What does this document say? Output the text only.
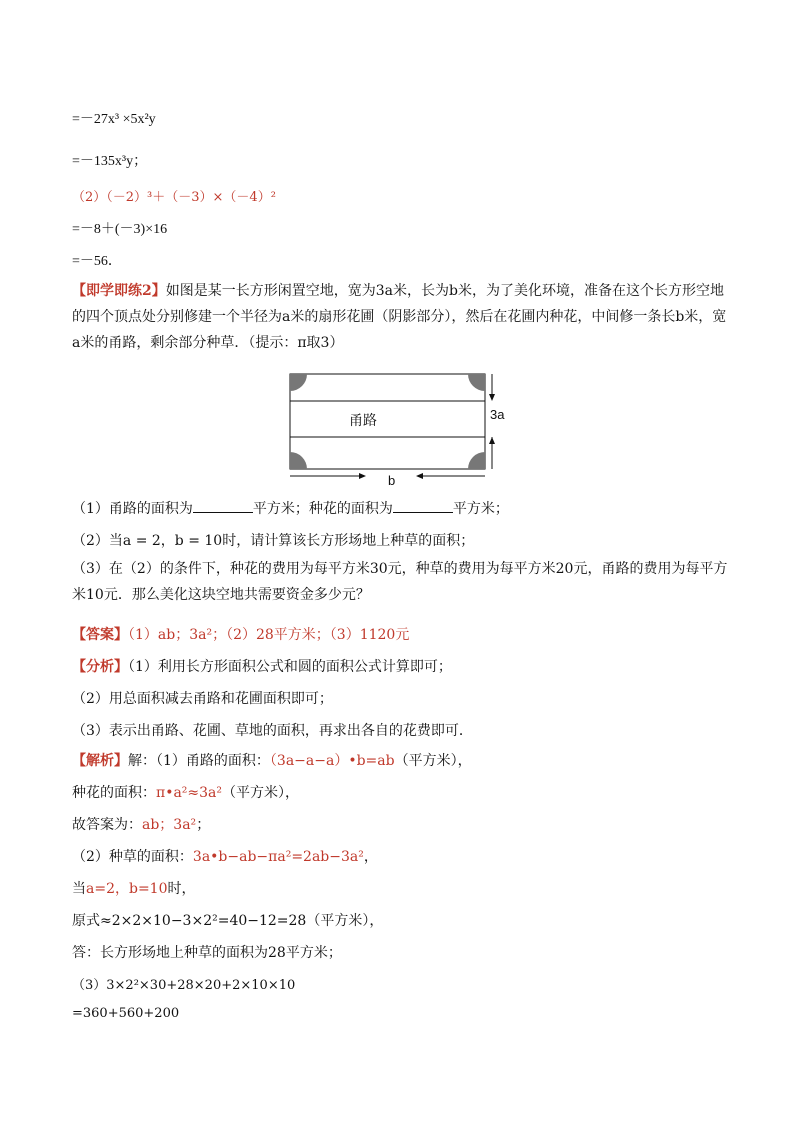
=－27x³ ×5x²y
=－135x³y；
（2）（－2）³＋（－3）×（－4）²
=－8＋(－3)×16
=－56．
【即学即练2】如图是某一长方形闲置空地，宽为3a米，长为b米，为了美化环境，准备在这个长方形空地的四个顶点处分别修建一个半径为a米的扇形花圃（阴影部分），然后在花圃内种花，中间修一条长b米，宽a米的甬路，剩余部分种草．（提示：π取3）
甬路	3a
b
（1）甬路的面积为	平方米；种花的面积为	平方米；
（2）当a = 2，b = 10时，请计算该长方形场地上种草的面积；
（3）在（2）的条件下，种花的费用为每平方米30元，种草的费用为每平方米20元，甬路的费用为每平方米10元．那么美化这块空地共需要资金多少元？
【答案】（1）ab；3a²；（2）28平方米；（3）1120元
【分析】（1）利用长方形面积公式和圆的面积公式计算即可；
（2）用总面积减去甬路和花圃面积即可；
（3）表示出甬路、花圃、草地的面积，再求出各自的花费即可．
【解析】解：（1）甬路的面积：（3a−a−a）•b=ab（平方米），
种花的面积：π•a²≈3a²（平方米），
故答案为：ab；3a²；
（2）种草的面积：3a•b−ab−πa²=2ab−3a²，
当a=2，b=10时，
原式≈2×2×10−3×2²=40−12=28（平方米），
答：长方形场地上种草的面积为28平方米；
（3）3×2²×30+28×20+2×10×10
=360+560+200
